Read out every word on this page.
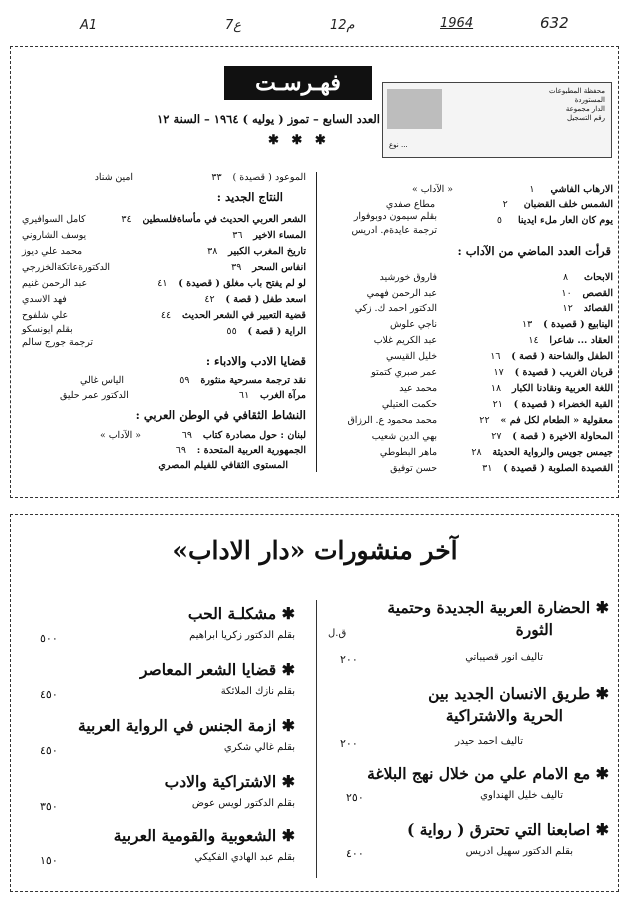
A1	7ع	12م	1964	632
محفظة المطبوعات
المستوردة
الدار مجموعة
رقم التسجيل
نوع ...
فهـرسـت
العدد السابع – تموز ( يوليه ) ١٩٦٤ – السنة ١٢
✱ ✱ ✱
الارهاب الفاشي ١
« الآداب »
الشمس خلف القضبان ٢
مطاع صفدي
يوم كان العار ملء ايدينا ٥
بقلم سيمون دوبوفوار
ترجمة عايدةم. ادريس
قرأت العدد الماضي من الآداب :
الابحاث ٨
فاروق خورشيد
القصص ١٠
عبد الرحمن فهمي
القصائد ١٢
الدكتور احمد ك. زكي
الينابيع ( قصيدة ) ١٣
ناجي علوش
العقاد ... شاعرا ١٤
عبد الكريم غلاب
الطفل والشاحنة ( قصة ) ١٦
خليل القيسي
قربان الغريب ( قصيدة ) ١٧
عمر صبري كتمتو
اللغة العربية ونقادنا الكبار ١٨
محمد عيد
القبة الخضراء ( قصيدة ) ٢١
حكمت العتيلي
معقولية « الطعام لكل فم » ٢٢
محمد محمود ع. الرزاق
المحاولة الاخيرة ( قصة ) ٢٧
بهي الدين شعيب
جيمس جويس والرواية الحديثة ٢٨
ماهر البطوطي
القصيدة الصلوبة ( قصيدة ) ٣١
حسن توفيق
الموعود ( قصيدة ) ٣٣
امين شناد
النتاج الجديد :
الشعر العربي الحديث في مأساةفلسطين ٣٤
كامل السوافيري
المساء الاخير ٣٦
يوسف الشاروني
تاريخ المغرب الكبير ٣٨
محمد علي ديوز
انفاس السحر ٣٩
الدكتورةعاتكةالخزرجي
لو لم يفتح باب مغلق ( قصيدة ) ٤١
عبد الرحمن غنيم
اسعد طفل ( قصة ) ٤٢
فهد الاسدي
قضية التعبير في الشعر الحديث ٤٤
علي شلفوح
الراية ( قصة ) ٥٥
بقلم ايونسكو
ترجمة جورج سالم
قضايا الادب والادباء :
نقد ترجمة مسرحية منثورة ٥٩
الياس غالي
مرآة الغرب ٦١
الدكتور عمر حليق
النشاط الثقافي في الوطن العربي :
لبنان : حول مصادرة كتاب ٦٩
« الآداب »
الجمهورية العربية المتحدة : ٦٩
المستوى الثقافي للفيلم المصري
آخر منشورات «دار الاداب»
✱ الحضارة العربية الجديدة وحتمية
الثورة
ق.ل
تاليف انور قصيباتي
٢٠٠
✱ طريق الانسان الجديد بين
الحرية والاشتراكية
تاليف احمد حيدر
٢٠٠
✱ مع الامام علي من خلال نهج البلاغة
تاليف خليل الهنداوي
٢٥٠
✱ اصابعنا التي تحترق ( رواية )
بقلم الدكتور سهيل ادريس
٤٠٠
✱ مشكلـة الحب
بقلم الدكتور زكريا ابراهيم
٥٠٠
✱ قضايا الشعر المعاصر
بقلم نازك الملائكة
٤٥٠
✱ ازمة الجنس في الرواية العربية
بقلم غالي شكري
٤٥٠
✱ الاشتراكية والادب
بقلم الدكتور لويس عوض
٣٥٠
✱ الشعوبية والقومية العربية
بقلم عبد الهادي الفكيكي
١٥٠
